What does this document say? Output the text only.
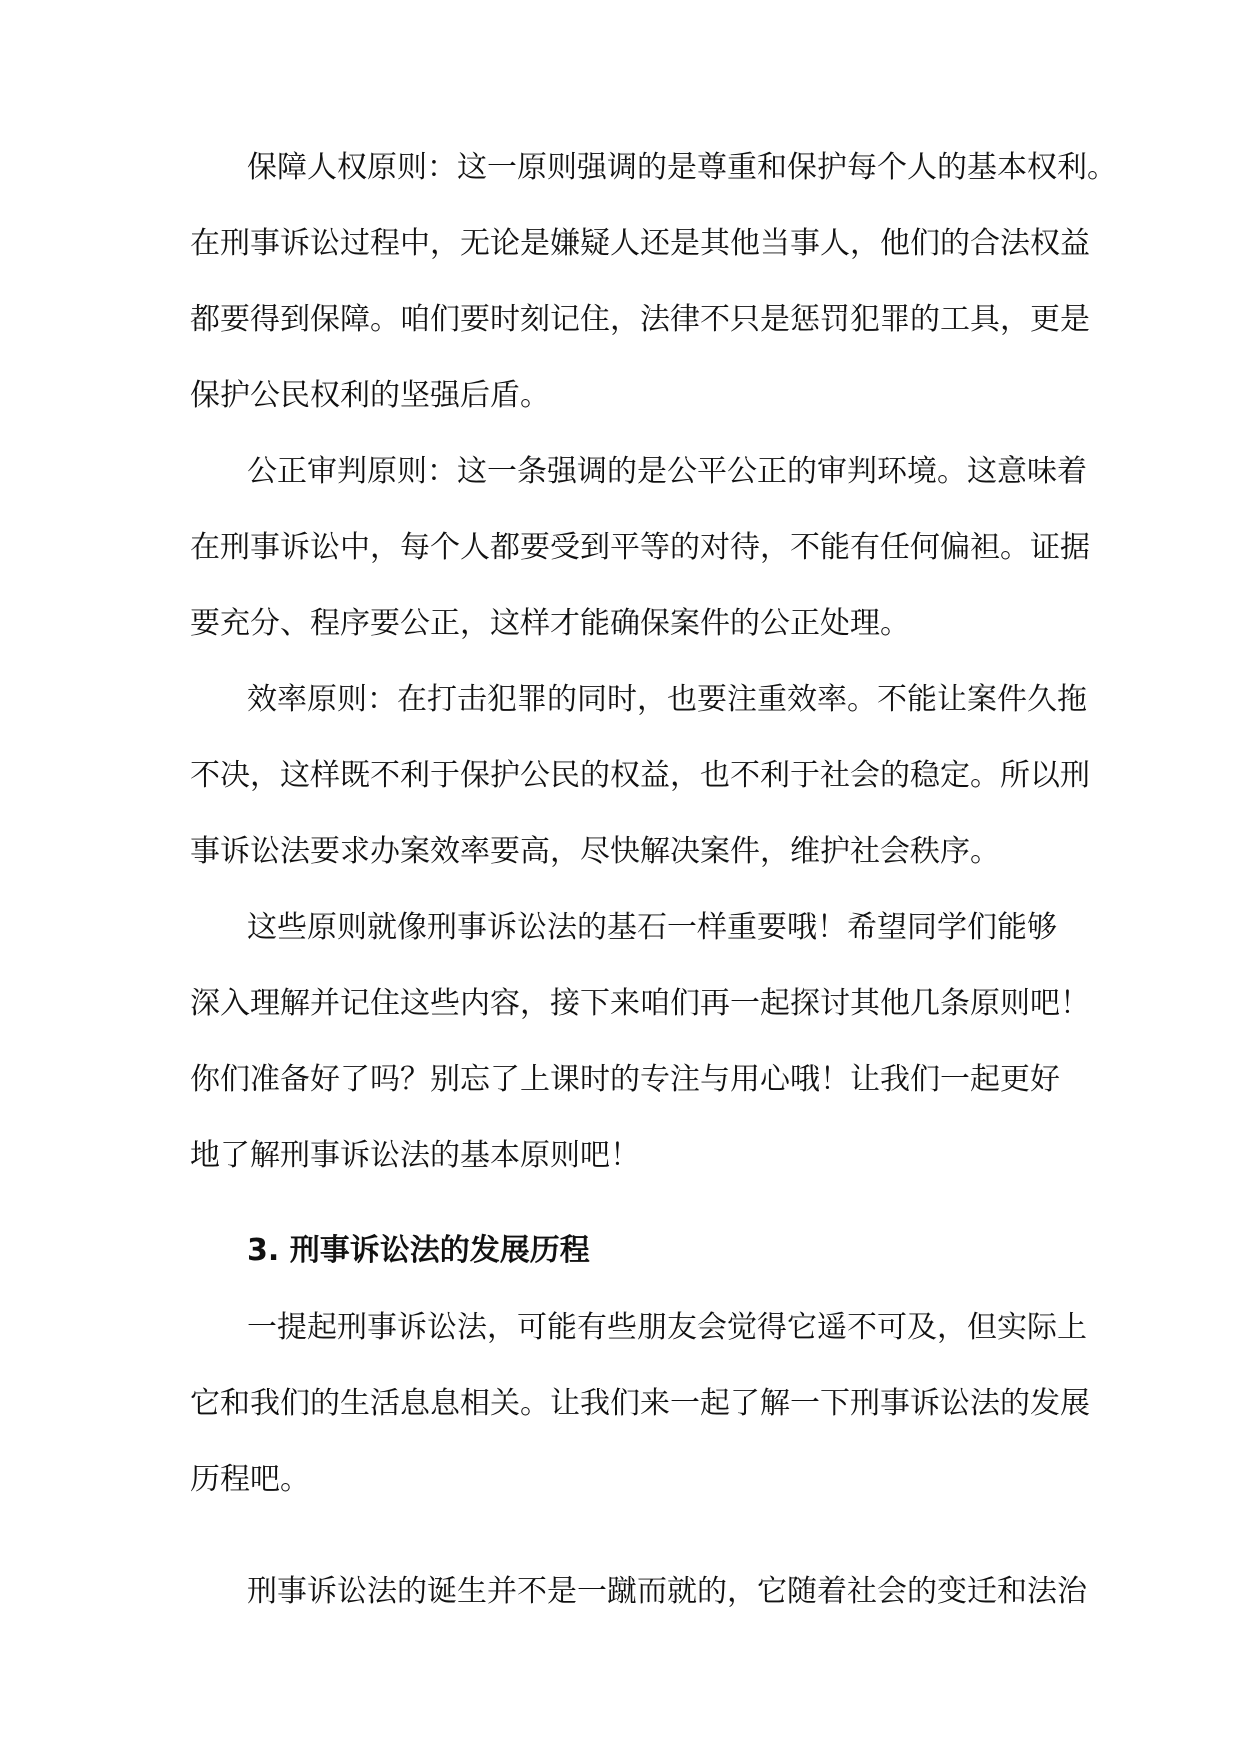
保障人权原则：这一原则强调的是尊重和保护每个人的基本权利。
在刑事诉讼过程中，无论是嫌疑人还是其他当事人，他们的合法权益
都要得到保障。咱们要时刻记住，法律不只是惩罚犯罪的工具，更是
保护公民权利的坚强后盾。
公正审判原则：这一条强调的是公平公正的审判环境。这意味着
在刑事诉讼中，每个人都要受到平等的对待，不能有任何偏袒。证据
要充分、程序要公正，这样才能确保案件的公正处理。
效率原则：在打击犯罪的同时，也要注重效率。不能让案件久拖
不决，这样既不利于保护公民的权益，也不利于社会的稳定。所以刑
事诉讼法要求办案效率要高，尽快解决案件，维护社会秩序。
这些原则就像刑事诉讼法的基石一样重要哦！希望同学们能够
深入理解并记住这些内容，接下来咱们再一起探讨其他几条原则吧！
你们准备好了吗？别忘了上课时的专注与用心哦！让我们一起更好
地了解刑事诉讼法的基本原则吧！
3. 刑事诉讼法的发展历程
一提起刑事诉讼法，可能有些朋友会觉得它遥不可及，但实际上
它和我们的生活息息相关。让我们来一起了解一下刑事诉讼法的发展
历程吧。
刑事诉讼法的诞生并不是一蹴而就的，它随着社会的变迁和法治
